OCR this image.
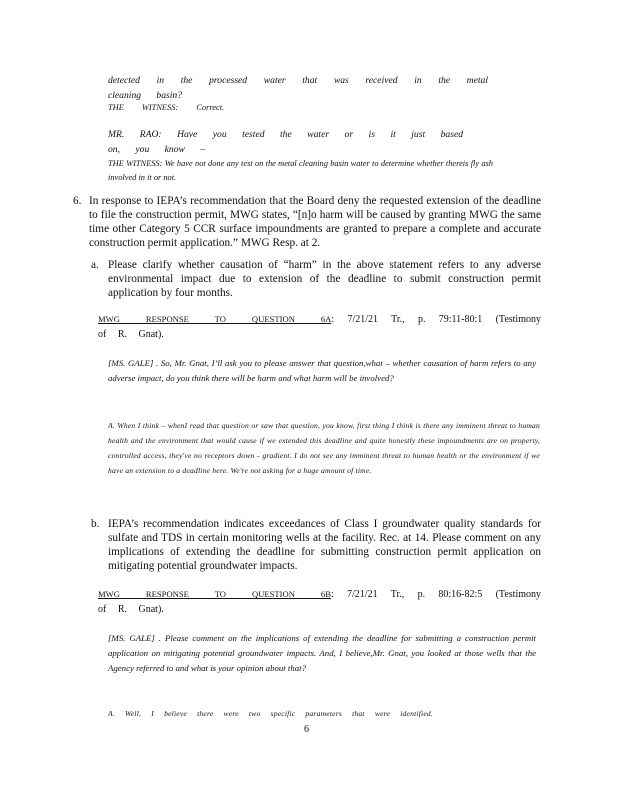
detected in the processed water that was received in the metal cleaning basin?
THE WITNESS: Correct.
MR. RAO: Have you tested the water or is it just based on, you know –
THE WITNESS: We have not done any test on the metal cleaning basin water to determine whether thereis fly ash involved in it or not.
6. In response to IEPA’s recommendation that the Board deny the requested extension of the deadline to file the construction permit, MWG states, “[n]o harm will be caused by granting MWG the same time other Category 5 CCR surface impoundments are granted to prepare a complete and accurate construction permit application.” MWG Resp. at 2.
a. Please clarify whether causation of “harm” in the above statement refers to any adverse environmental impact due to extension of the deadline to submit construction permit application by four months.
MWG RESPONSE TO QUESTION 6A: 7/21/21 Tr., p. 79:11-80:1 (Testimony of R. Gnat).
[MS. GALE] . So, Mr. Gnat, I’ll ask you to please answer that question,what – whether causation of harm refers to any adverse impact, do you think there will be harm and what harm will be involved?
A. When I think – whenI read that question or saw that question, you know, first thing I think is there any imminent threat to human health and the environment that would cause if we extended this deadline and quite honestly these impoundments are on property, controlled access, they've no receptors down - gradient. I do not see any imminent threat to human health or the environment if we have an extension to a deadline here. We're not asking for a huge amount of time.
b. IEPA’s recommendation indicates exceedances of Class I groundwater quality standards for sulfate and TDS in certain monitoring wells at the facility. Rec. at 14. Please comment on any implications of extending the deadline for submitting construction permit application on mitigating potential groundwater impacts.
MWG RESPONSE TO QUESTION 6B: 7/21/21 Tr., p. 80:16-82:5 (Testimony of R. Gnat).
[MS. GALE] . Please comment on the implications of extending the deadline for submitting a construction permit application on mitigating potential groundwater impacts. And, I believe,Mr. Gnat, you looked at those wells that the Agency referred to and what is your opinion about that?
A. Well, I believe there were two specific parameters that were identified.
6
